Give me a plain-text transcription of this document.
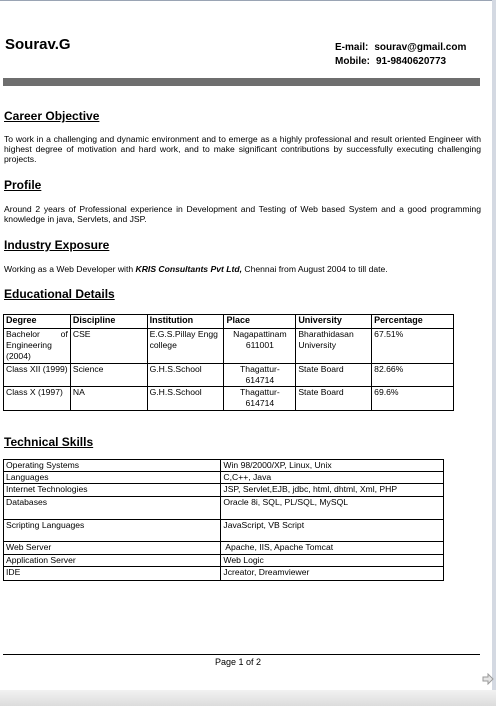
Sourav.G	E-mail: sourav@gmail.com
Mobile: 91-9840620773
Career Objective
To work in a challenging and dynamic environment and to emerge as a highly professional and result oriented Engineer with highest degree of motivation and hard work, and to make significant contributions by successfully executing challenging projects.
Profile
Around 2 years of Professional experience in Development and Testing of Web based System and a good programming knowledge in java, Servlets, and JSP.
Industry Exposure
Working as a Web Developer with KRIS Consultants Pvt Ltd, Chennai from August 2004 to till date.
Educational Details
Degree	Discipline	Institution	Place	University	Percentage
Bachelor of Engineering (2004)	CSE	E.G.S.Pillay Engg college	Nagapattinam 611001	Bharathidasan University	67.51%
Class XII (1999)	Science	G.H.S.School	Thagattur-614714	State Board	82.66%
Class X (1997)	NA	G.H.S.School	Thagattur-614714	State Board	69.6%
Technical Skills
Operating Systems	Win 98/2000/XP, Linux, Unix
Languages	C,C++, Java
Internet Technologies	JSP, Servlet,EJB, jdbc, html, dhtml, Xml, PHP
Databases	Oracle 8i, SQL, PL/SQL, MySQL
Scripting Languages	JavaScript, VB Script
Web Server	Apache, IIS, Apache Tomcat
Application Server	Web Logic
IDE	Jcreator, Dreamviewer
Page 1 of 2
